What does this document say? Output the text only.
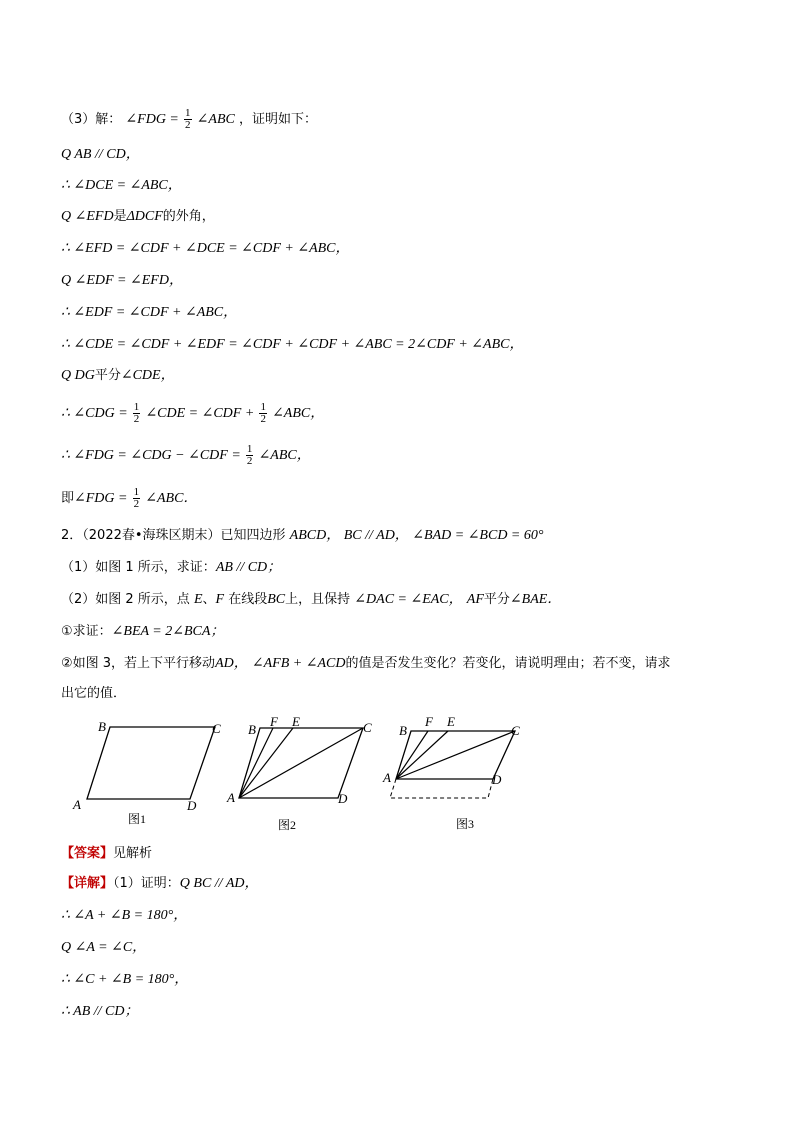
（3）解： ∠FDG = $\frac{1}{2}$ ∠ABC ，证明如下：
Q AB // CD，
∴ ∠DCE = ∠ABC，
Q ∠EFD是ΔDCF的外角，
∴ ∠EFD = ∠CDF + ∠DCE = ∠CDF + ∠ABC，
Q ∠EDF = ∠EFD，
∴ ∠EDF = ∠CDF + ∠ABC，
∴ ∠CDE = ∠CDF + ∠EDF = ∠CDF + ∠CDF + ∠ABC = 2∠CDF + ∠ABC，
Q DG平分∠CDE，
∴ ∠CDG = $\frac{1}{2}$ ∠CDE = ∠CDF + $\frac{1}{2}$ ∠ABC，
∴ ∠FDG = ∠CDG − ∠CDF = $\frac{1}{2}$ ∠ABC，
即∠FDG = $\frac{1}{2}$ ∠ABC．
2．（2022春•海珠区期末）已知四边形 ABCD， BC // AD， ∠BAD = ∠BCD = 60°
（1）如图 1 所示，求证：AB // CD；
（2）如图 2 所示，点 E、F 在线段BC上，且保持 ∠DAC = ∠EAC， AF平分∠BAE．
①求证：∠BEA = 2∠BCA；
②如图 3，若上下平行移动AD， ∠AFB + ∠ACD的值是否发生变化？若变化，请说明理由；若不变，请求
出它的值．
B	C
A	D
图1
B
F E	C
A	D
图2
B
F E
C
A	D
图3
【答案】见解析
【详解】（1）证明：Q BC // AD，
∴ ∠A + ∠B = 180°，
Q ∠A = ∠C，
∴ ∠C + ∠B = 180°，
∴ AB // CD；
